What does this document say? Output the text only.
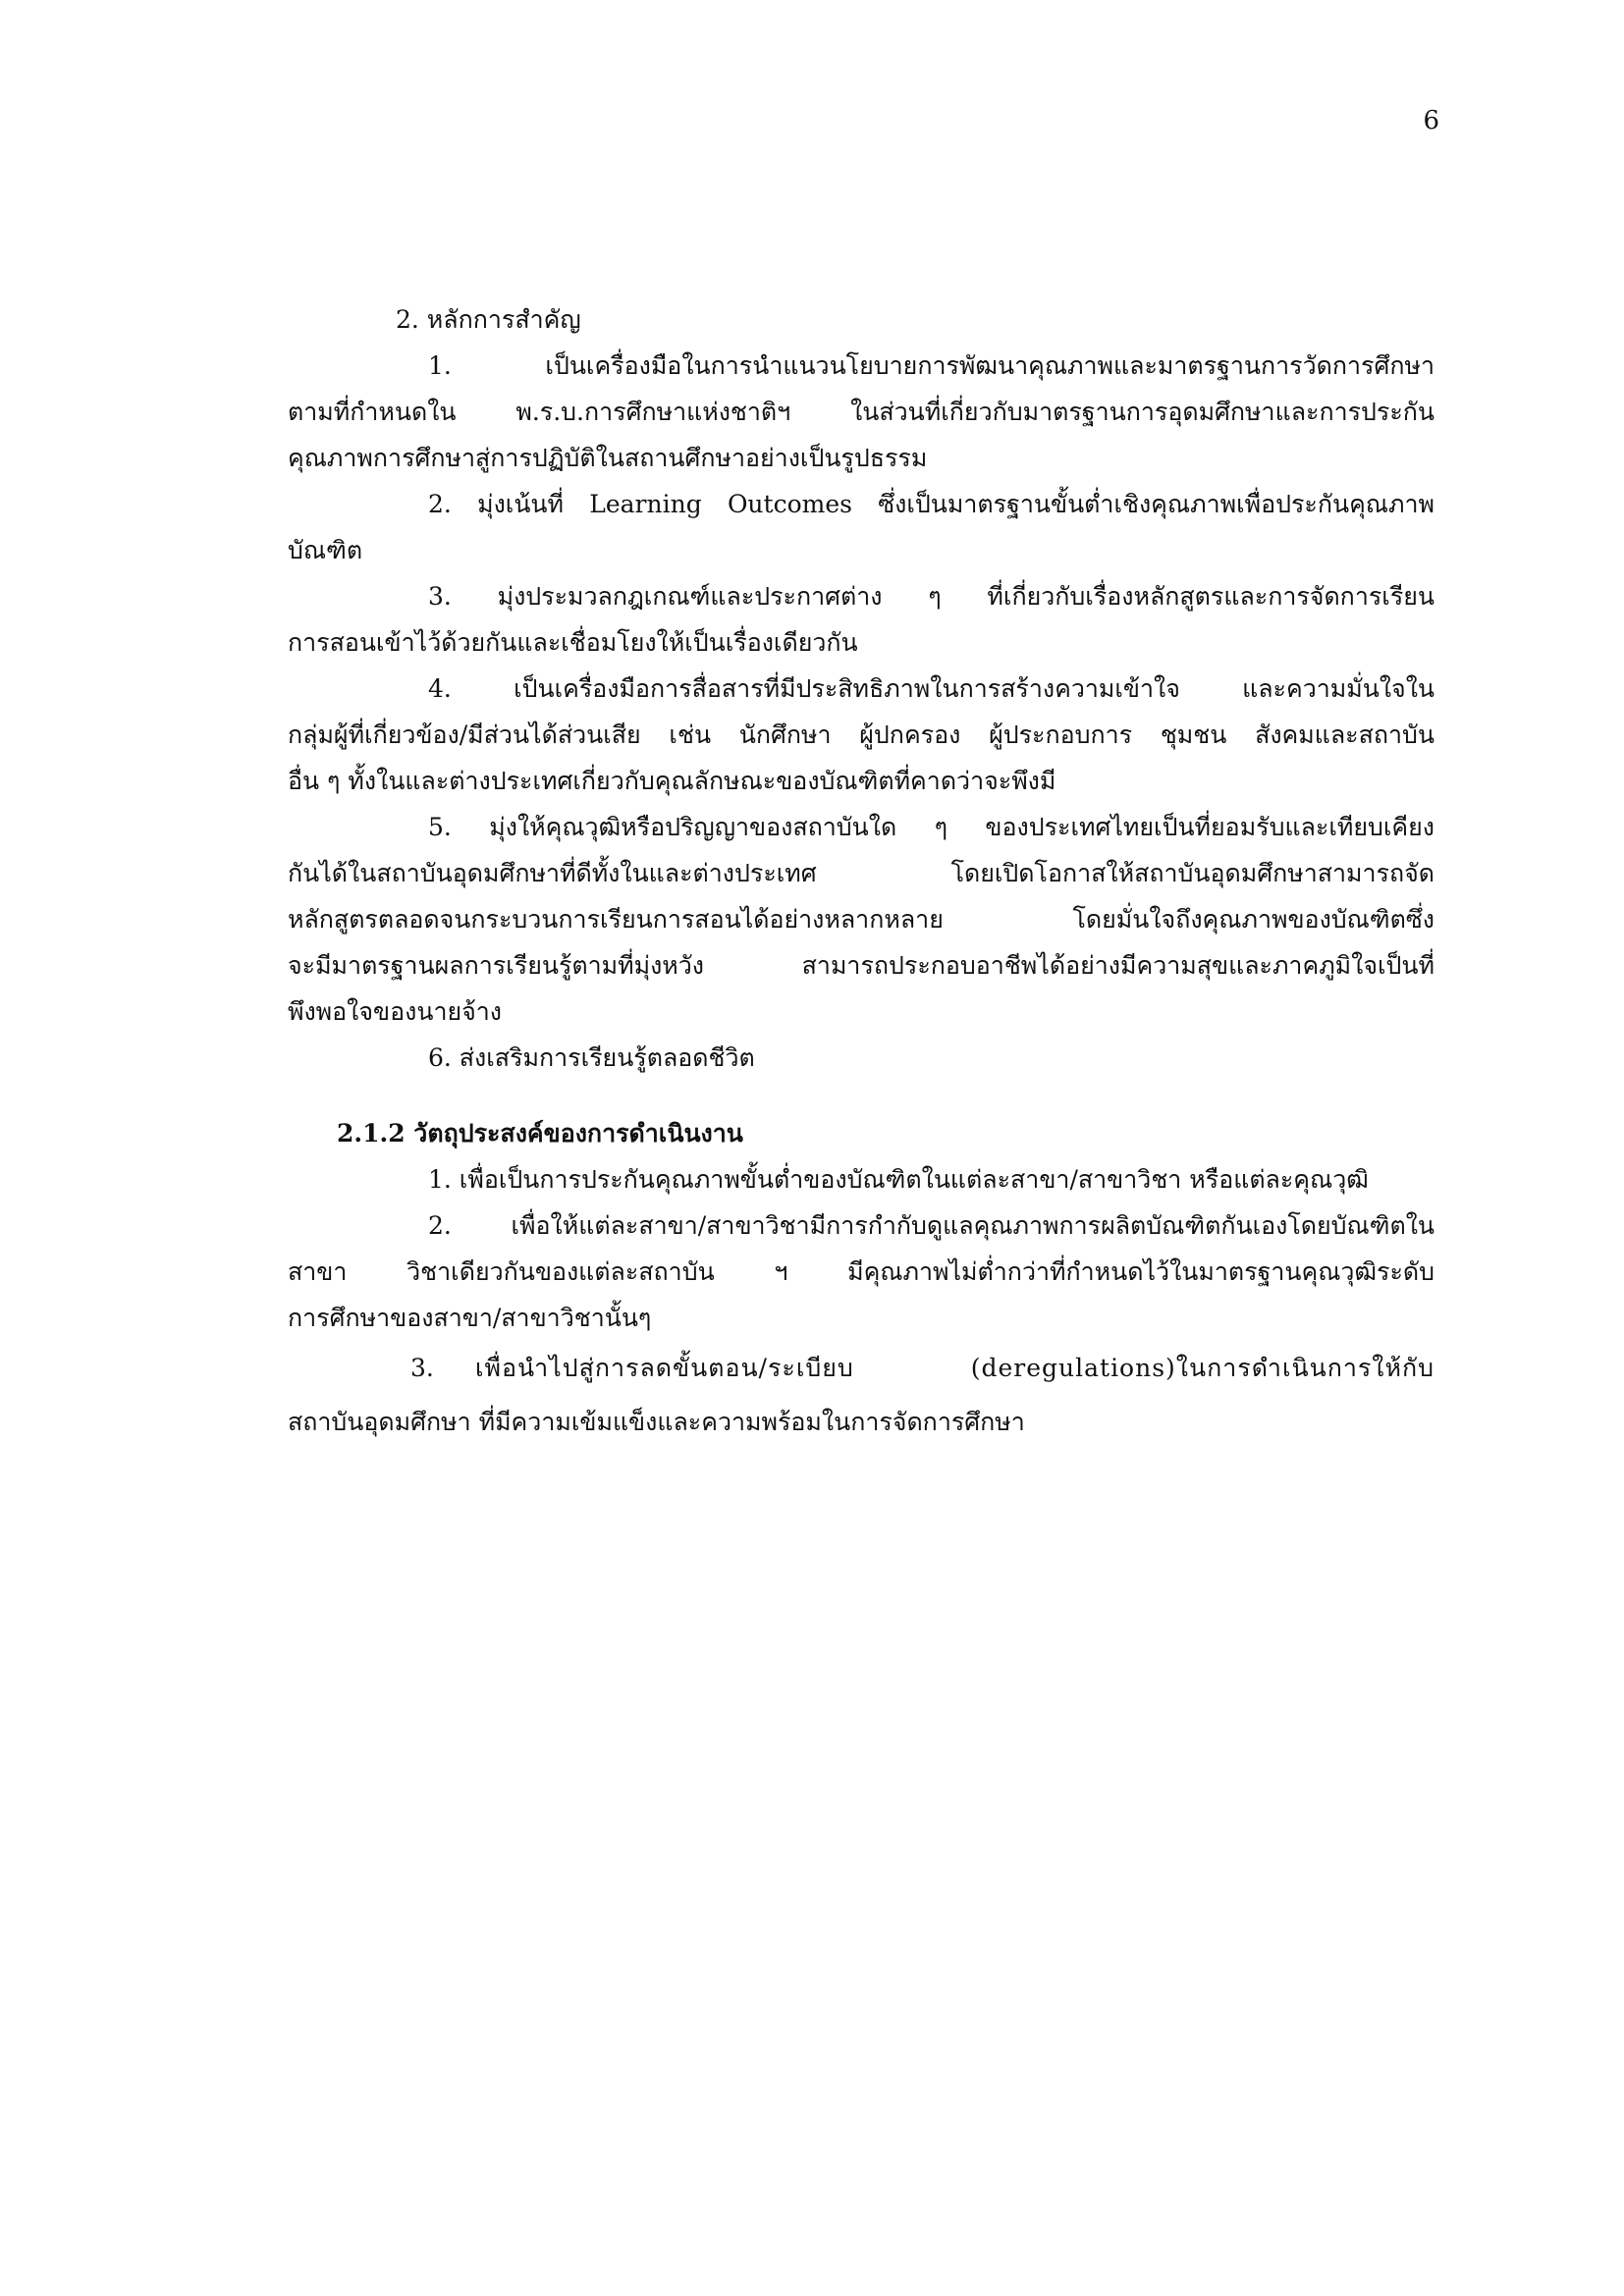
6
2. หลักการสำคัญ
1. เป็นเครื่องมือในการนำแนวนโยบายการพัฒนาคุณภาพและมาตรฐานการวัดการศึกษา
ตามที่กำหนดใน พ.ร.บ.การศึกษาแห่งชาติฯ ในส่วนที่เกี่ยวกับมาตรฐานการอุดมศึกษาและการประกัน
คุณภาพการศึกษาสู่การปฏิบัติในสถานศึกษาอย่างเป็นรูปธรรม
2. มุ่งเน้นที่ Learning Outcomes ซึ่งเป็นมาตรฐานขั้นต่ำเชิงคุณภาพเพื่อประกันคุณภาพ
บัณฑิต
3. มุ่งประมวลกฎเกณฑ์และประกาศต่าง ๆ ที่เกี่ยวกับเรื่องหลักสูตรและการจัดการเรียน
การสอนเข้าไว้ด้วยกันและเชื่อมโยงให้เป็นเรื่องเดียวกัน
4. เป็นเครื่องมือการสื่อสารที่มีประสิทธิภาพในการสร้างความเข้าใจ และความมั่นใจใน
กลุ่มผู้ที่เกี่ยวข้อง/มีส่วนได้ส่วนเสีย เช่น นักศึกษา ผู้ปกครอง ผู้ประกอบการ ชุมชน สังคมและสถาบัน
อื่น ๆ ทั้งในและต่างประเทศเกี่ยวกับคุณลักษณะของบัณฑิตที่คาดว่าจะพึงมี
5. มุ่งให้คุณวุฒิหรือปริญญาของสถาบันใด ๆ ของประเทศไทยเป็นที่ยอมรับและเทียบเคียง
กันได้ในสถาบันอุดมศึกษาที่ดีทั้งในและต่างประเทศ โดยเปิดโอกาสให้สถาบันอุดมศึกษาสามารถจัด
หลักสูตรตลอดจนกระบวนการเรียนการสอนได้อย่างหลากหลาย โดยมั่นใจถึงคุณภาพของบัณฑิตซึ่ง
จะมีมาตรฐานผลการเรียนรู้ตามที่มุ่งหวัง สามารถประกอบอาชีพได้อย่างมีความสุขและภาคภูมิใจเป็นที่
พึงพอใจของนายจ้าง
6. ส่งเสริมการเรียนรู้ตลอดชีวิต
2.1.2 วัตถุประสงค์ของการดำเนินงาน
1. เพื่อเป็นการประกันคุณภาพขั้นต่ำของบัณฑิตในแต่ละสาขา/สาขาวิชา หรือแต่ละคุณวุฒิ
2. เพื่อให้แต่ละสาขา/สาขาวิชามีการกำกับดูแลคุณภาพการผลิตบัณฑิตกันเองโดยบัณฑิตใน
สาขา วิชาเดียวกันของแต่ละสถาบัน ฯ มีคุณภาพไม่ต่ำกว่าที่กำหนดไว้ในมาตรฐานคุณวุฒิระดับ
การศึกษาของสาขา/สาขาวิชานั้นๆ
3. เพื่อนำไปสู่การลดขั้นตอน/ระเบียบ (deregulations)ในการดำเนินการให้กับ
สถาบันอุดมศึกษา ที่มีความเข้มแข็งและความพร้อมในการจัดการศึกษา
